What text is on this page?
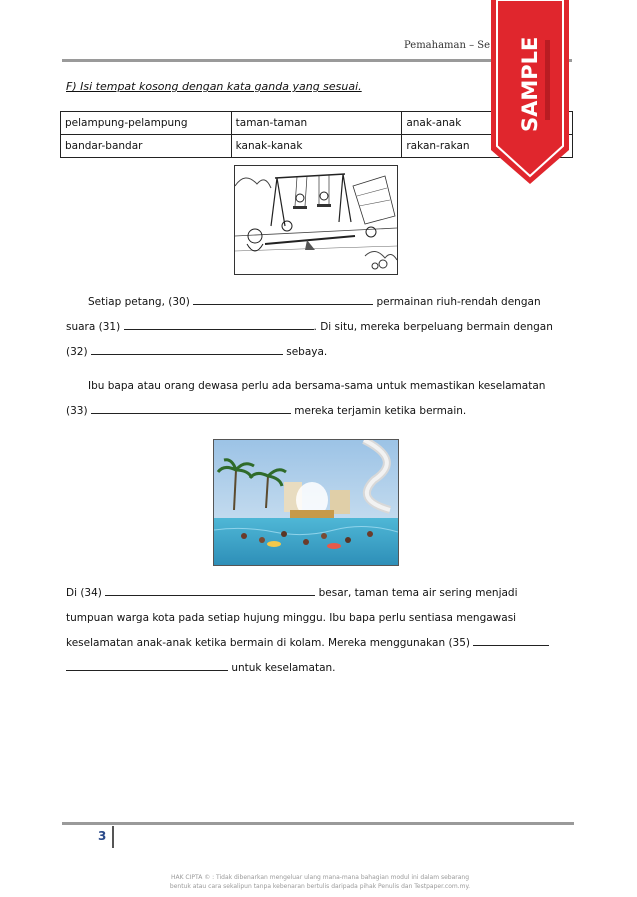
Pemahaman – Se
F) Isi tempat kosong dengan kata ganda yang sesuai.
pelampung-pelampung	taman-taman	anak-anak
bandar-bandar	kanak-kanak	rakan-rakan
Setiap petang, (30)	permainan riuh-rendah dengan
suara (31)	. Di situ, mereka berpeluang bermain dengan
(32)	sebaya.
Ibu bapa atau orang dewasa perlu ada bersama-sama untuk memastikan keselamatan
(33)	mereka terjamin ketika bermain.
Di (34)	besar, taman tema air sering menjadi
tumpuan warga kota pada setiap hujung minggu. Ibu bapa perlu sentiasa mengawasi
keselamatan anak-anak ketika bermain di kolam. Mereka menggunakan (35)
untuk keselamatan.
3
HAK CIPTA © : Tidak dibenarkan mengeluar ulang mana-mana bahagian modul ini dalam sebarang
bentuk atau cara sekalipun tanpa kebenaran bertulis daripada pihak Penulis dan Testpaper.com.my.
SAMPLE
